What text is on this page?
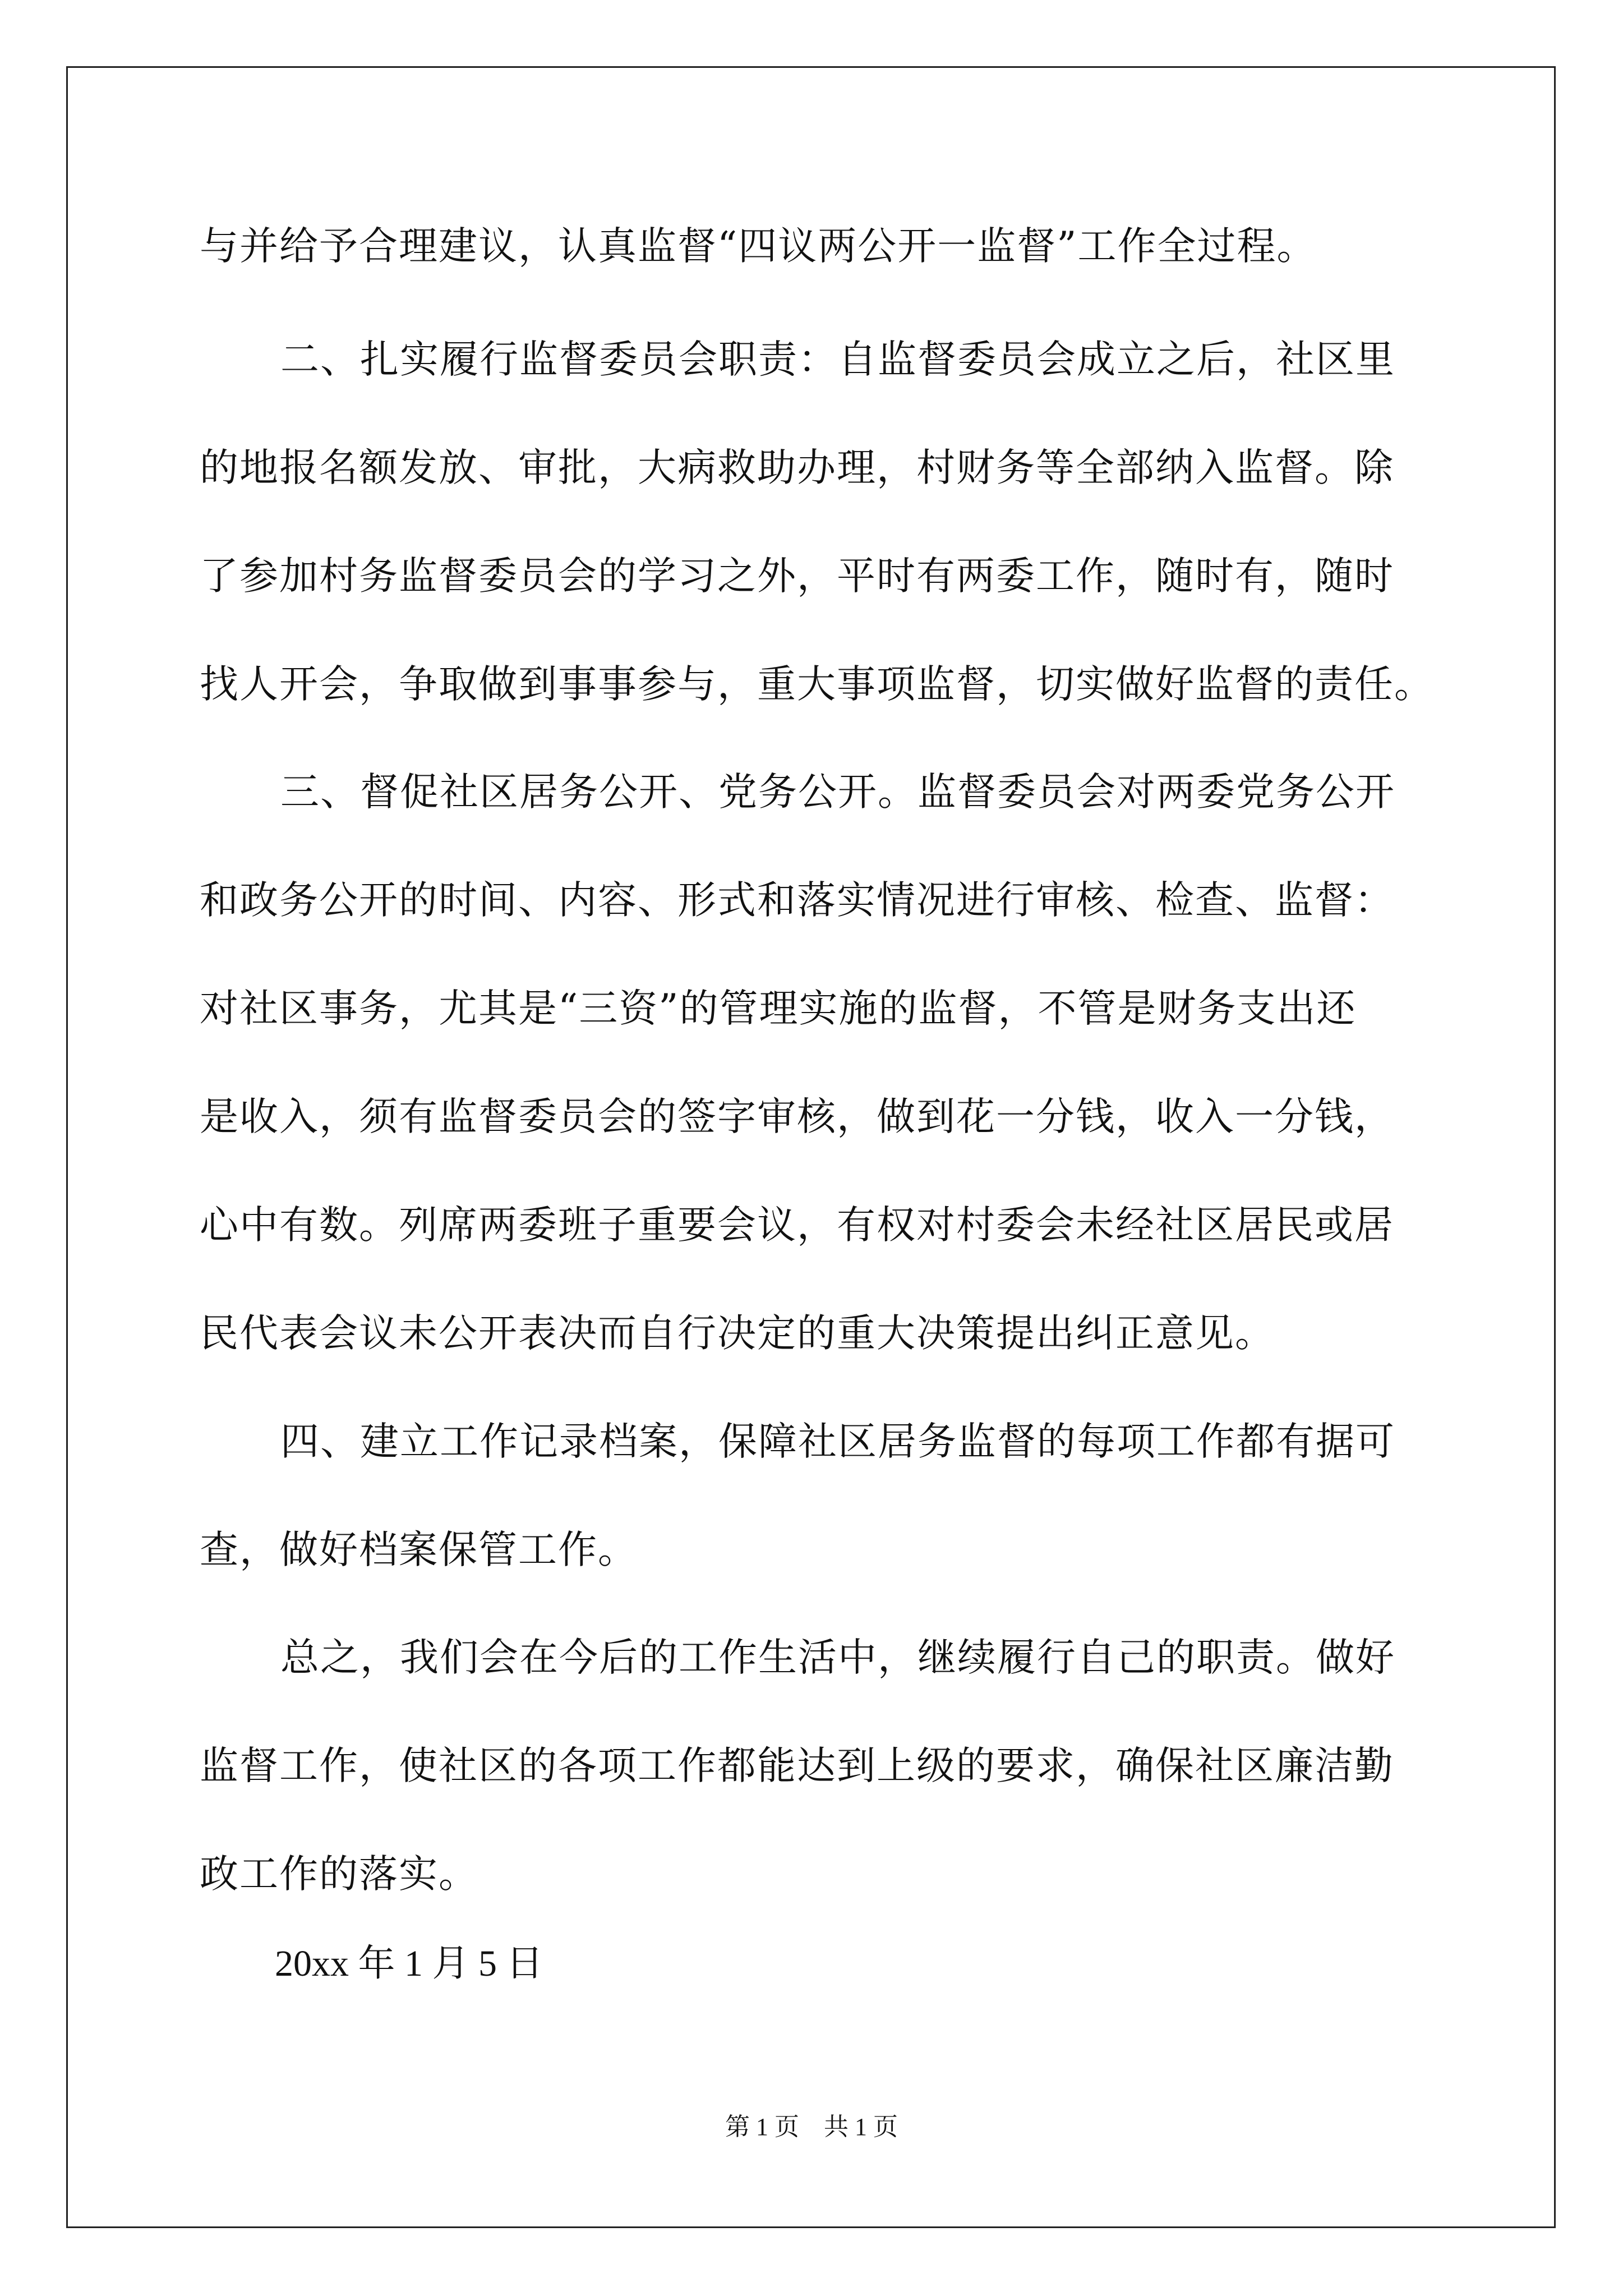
与并给予合理建议，认真监督“四议两公开一监督”工作全过程。
二、扎实履行监督委员会职责：自监督委员会成立之后，社区里
的地报名额发放、审批，大病救助办理，村财务等全部纳入监督。除
了参加村务监督委员会的学习之外，平时有两委工作，随时有，随时
找人开会，争取做到事事参与，重大事项监督，切实做好监督的责任。
三、督促社区居务公开、党务公开。监督委员会对两委党务公开
和政务公开的时间、内容、形式和落实情况进行审核、检查、监督：
对社区事务，尤其是“三资”的管理实施的监督，不管是财务支出还
是收入，须有监督委员会的签字审核，做到花一分钱，收入一分钱，
心中有数。列席两委班子重要会议，有权对村委会未经社区居民或居
民代表会议未公开表决而自行决定的重大决策提出纠正意见。
四、建立工作记录档案，保障社区居务监督的每项工作都有据可
查，做好档案保管工作。
总之，我们会在今后的工作生活中，继续履行自己的职责。做好
监督工作，使社区的各项工作都能达到上级的要求，确保社区廉洁勤
政工作的落实。
20xx 年 1 月 5 日
第 1 页　共 1 页
